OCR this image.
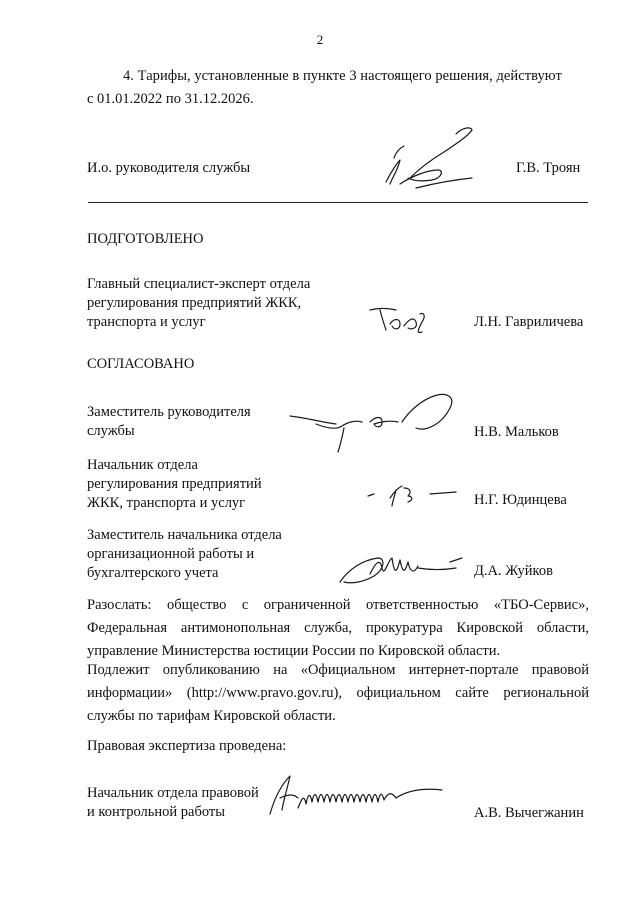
2
4. Тарифы, установленные в пункте 3 настоящего решения, действуют
с 01.01.2022 по 31.12.2026.
И.о. руководителя службы	Г.В. Троян
ПОДГОТОВЛЕНО
Главный специалист-эксперт отдела
регулирования предприятий ЖКК,
транспорта и услуг	Л.Н. Гавриличева
СОГЛАСОВАНО
Заместитель руководителя
службы	Н.В. Мальков
Начальник отдела
регулирования предприятий
ЖКК, транспорта и услуг	Н.Г. Юдинцева
Заместитель начальника отдела
организационной работы и
бухгалтерского учета	Д.А. Жуйков
Разослать: общество с ограниченной ответственностью «ТБО-Сервис», Федеральная антимонопольная служба, прокуратура Кировской области, управление Министерства юстиции России по Кировской области.
Подлежит опубликованию на «Официальном интернет-портале правовой информации» (http://www.pravo.gov.ru), официальном сайте региональной службы по тарифам Кировской области.
Правовая экспертиза проведена:
Начальник отдела правовой
и контрольной работы	А.В. Вычегжанин
